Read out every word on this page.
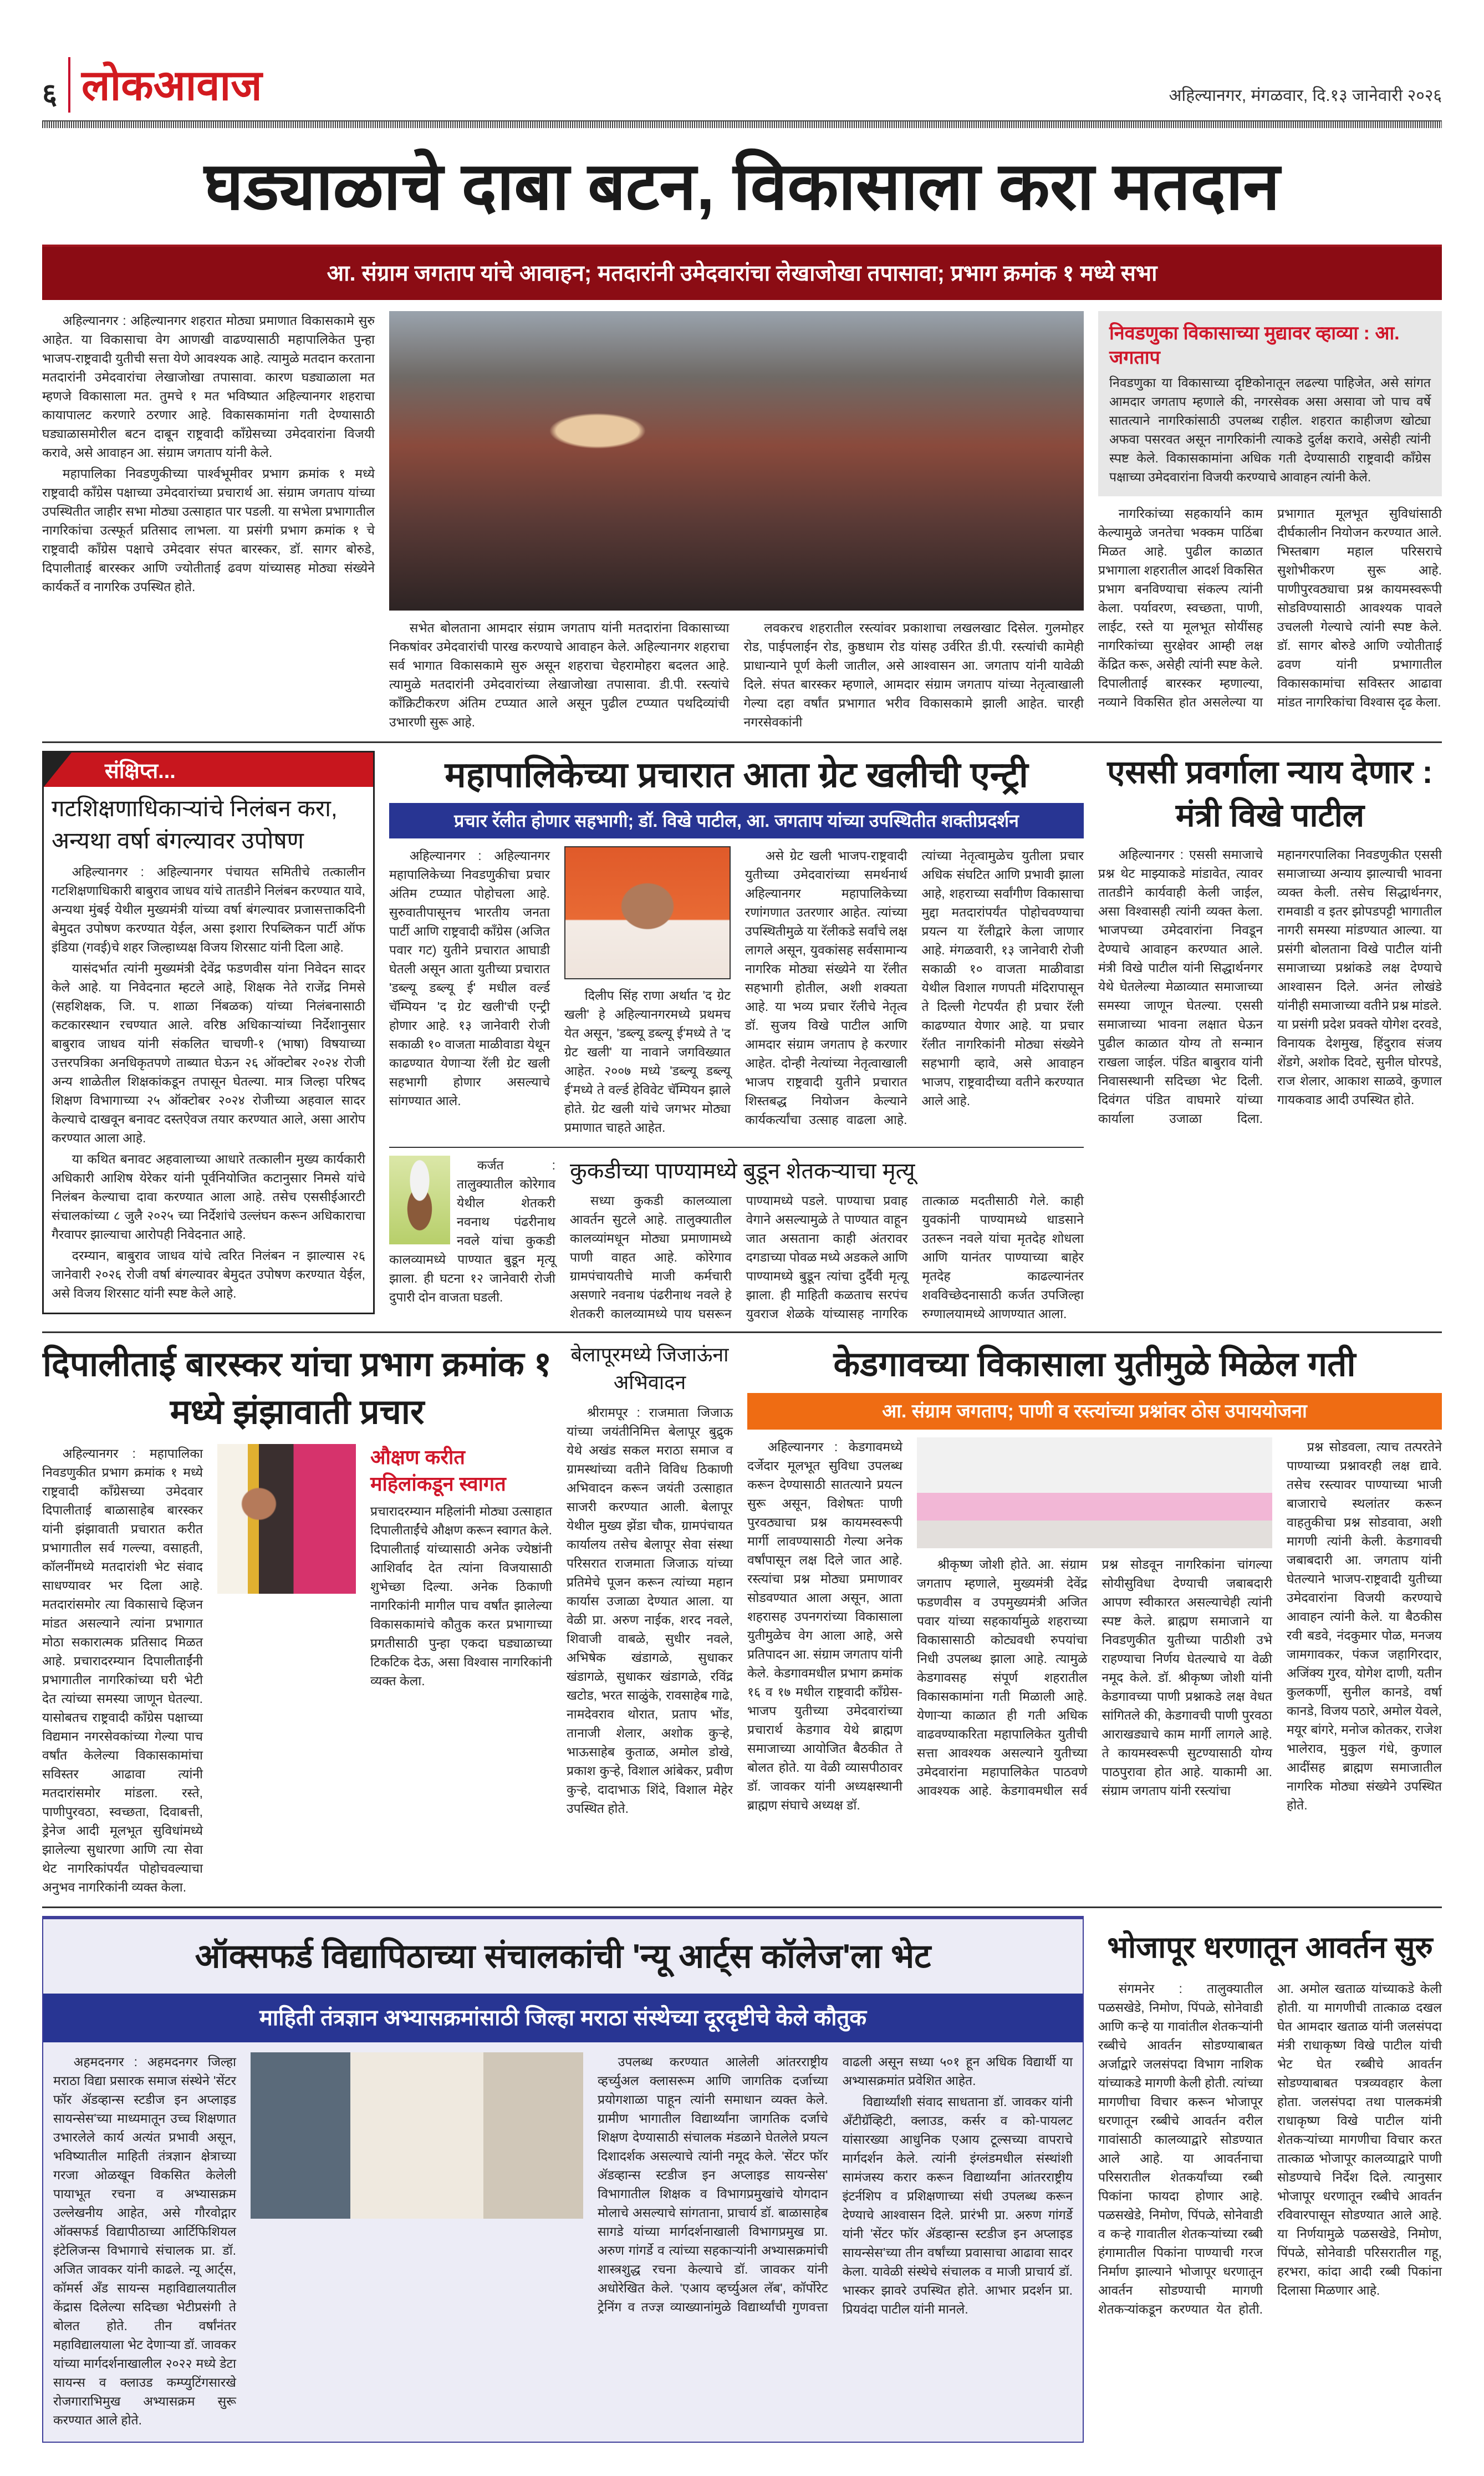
६ लोकआवाज	अहिल्यानगर, मंगळवार, दि.१३ जानेवारी २०२६
घड्याळाचे दाबा बटन, विकासाला करा मतदान
आ. संग्राम जगताप यांचे आवाहन; मतदारांनी उमेदवारांचा लेखाजोखा तपासावा; प्रभाग क्रमांक १ मध्ये सभा

अहिल्यानगर : अहिल्यानगर शहरात मोठ्या प्रमाणात विकासकामे सुरु आहेत. या विकासाचा वेग आणखी वाढण्यासाठी महापालिकेत पुन्हा भाजप-राष्ट्रवादी युतीची सत्ता येणे आवश्यक आहे. त्यामुळे मतदान करताना मतदारांनी उमेदवारांचा लेखाजोखा तपासावा. कारण घड्याळाला मत म्हणजे विकासाला मत. तुमचे १ मत भविष्यात अहिल्यानगर शहराचा कायापालट करणारे ठरणार आहे. विकासकामांना गती देण्यासाठी घड्याळासमोरील बटन दाबून राष्ट्रवादी काँग्रेसच्या उमेदवारांना विजयी करावे, असे आवाहन आ. संग्राम जगताप यांनी केले.

महापालिका निवडणुकीच्या पार्श्वभूमीवर प्रभाग क्रमांक १ मध्ये राष्ट्रवादी काँग्रेस पक्षाच्या उमेदवारांच्या प्रचारार्थ आ. संग्राम जगताप यांच्या उपस्थितीत जाहीर सभा मोठ्या उत्साहात पार पडली. या सभेला प्रभागातील नागरिकांचा उत्स्फूर्त प्रतिसाद लाभला. या प्रसंगी प्रभाग क्रमांक १ चे राष्ट्रवादी काँग्रेस पक्षाचे उमेदवार संपत बारस्कर, डॉ. सागर बोरुडे, दिपालीताई बारस्कर आणि ज्योतीताई ढवण यांच्यासह मोठ्या संख्येने कार्यकर्ते व नागरिक उपस्थित होते.

सभेत बोलताना आमदार संग्राम जगताप यांनी मतदारांना विकासाच्या निकषांवर उमेदवारांची पारख करण्याचे आवाहन केले. अहिल्यानगर शहराचा सर्व भागात विकासकामे सुरु असून शहराचा चेहरामोहरा बदलत आहे. त्यामुळे मतदारांनी उमेदवारांच्या लेखाजोखा तपासावा. डी.पी. रस्त्यांचे काँक्रिटीकरण अंतिम टप्प्यात आले असून पुढील टप्प्यात पथदिव्यांची उभारणी सुरू आहे.

लवकरच शहरातील रस्त्यांवर प्रकाशाचा लखलखाट दिसेल. गुलमोहर रोड, पाईपलाईन रोड, कुष्ठधाम रोड यांसह उर्वरित डी.पी. रस्त्यांची कामेही प्राधान्याने पूर्ण केली जातील, असे आश्वासन आ. जगताप यांनी यावेळी दिले. संपत बारस्कर म्हणाले, आमदार संग्राम जगताप यांच्या नेतृत्वाखाली गेल्या दहा वर्षांत प्रभागात भरीव विकासकामे झाली आहेत. चारही नगरसेवकांनी

निवडणुका विकासाच्या मुद्यावर व्हाव्या : आ. जगताप

निवडणुका या विकासाच्या दृष्टिकोनातून लढल्या पाहिजेत, असे सांगत आमदार जगताप म्हणाले की, नगरसेवक असा असावा जो पाच वर्षे सातत्याने नागरिकांसाठी उपलब्ध राहील. शहरात काहीजण खोट्या अफवा पसरवत असून नागरिकांनी त्याकडे दुर्लक्ष करावे, असेही त्यांनी स्पष्ट केले. विकासकामांना अधिक गती देण्यासाठी राष्ट्रवादी काँग्रेस पक्षाच्या उमेदवारांना विजयी करण्याचे आवाहन त्यांनी केले.

नागरिकांच्या सहकार्याने काम केल्यामुळे जनतेचा भक्कम पाठिंबा मिळत आहे. पुढील काळात प्रभागाला शहरातील आदर्श विकसित प्रभाग बनविण्याचा संकल्प त्यांनी केला. पर्यावरण, स्वच्छता, पाणी, लाईट, रस्ते या मूलभूत सोयींसह नागरिकांच्या सुरक्षेवर आम्ही लक्ष केंद्रित करू, असेही त्यांनी स्पष्ट केले. दिपालीताई बारस्कर म्हणाल्या, नव्याने विकसित होत असलेल्या या प्रभागात मूलभूत सुविधांसाठी दीर्घकालीन नियोजन करण्यात आले. भिस्तबाग महाल परिसराचे सुशोभीकरण सुरू आहे. पाणीपुरवठ्याचा प्रश्न कायमस्वरूपी सोडविण्यासाठी आवश्यक पावले उचलली गेल्याचे त्यांनी स्पष्ट केले. डॉ. सागर बोरुडे आणि ज्योतीताई ढवण यांनी प्रभागातील विकासकामांचा सविस्तर आढावा मांडत नागरिकांचा विश्वास दृढ केला.

संक्षिप्त...
गटशिक्षणाधिकाऱ्यांचे निलंबन करा, अन्यथा वर्षा बंगल्यावर उपोषण

अहिल्यानगर : अहिल्यानगर पंचायत समितीचे तत्कालीन गटशिक्षणाधिकारी बाबुराव जाधव यांचे तातडीने निलंबन करण्यात यावे, अन्यथा मुंबई येथील मुख्यमंत्री यांच्या वर्षा बंगल्यावर प्रजासत्ताकदिनी बेमुदत उपोषण करण्यात येईल, असा इशारा रिपब्लिकन पार्टी ऑफ इंडिया (गवई)चे शहर जिल्हाध्यक्ष विजय शिरसाट यांनी दिला आहे.

यासंदर्भात त्यांनी मुख्यमंत्री देवेंद्र फडणवीस यांना निवेदन सादर केले आहे. या निवेदनात म्हटले आहे, शिक्षक नेते राजेंद्र निमसे (सहशिक्षक, जि. प. शाळा निंबळक) यांच्या निलंबनासाठी कटकारस्थान रचण्यात आले. वरिष्ठ अधिकाऱ्यांच्या निर्देशानुसार बाबुराव जाधव यांनी संकलित चाचणी-१ (भाषा) विषयाच्या उत्तरपत्रिका अनधिकृतपणे ताब्यात घेऊन २६ ऑक्टोबर २०२४ रोजी अन्य शाळेतील शिक्षकांकडून तपासून घेतल्या. मात्र जिल्हा परिषद शिक्षण विभागाच्या २५ ऑक्टोबर २०२४ रोजीच्या अहवाल सादर केल्याचे दाखवून बनावट दस्तऐवज तयार करण्यात आले, असा आरोप करण्यात आला आहे.

या कथित बनावट अहवालाच्या आधारे तत्कालीन मुख्य कार्यकारी अधिकारी आशिष येरेकर यांनी पूर्वनियोजित कटानुसार निमसे यांचे निलंबन केल्याचा दावा करण्यात आला आहे. तसेच एससीईआरटी संचालकांच्या ८ जुलै २०२५ च्या निर्देशांचे उल्लंघन करून अधिकाराचा गैरवापर झाल्याचा आरोपही निवेदनात आहे.

दरम्यान, बाबुराव जाधव यांचे त्वरित निलंबन न झाल्यास २६ जानेवारी २०२६ रोजी वर्षा बंगल्यावर बेमुदत उपोषण करण्यात येईल, असे विजय शिरसाट यांनी स्पष्ट केले आहे.

महापालिकेच्या प्रचारात आता ग्रेट खलीची एन्ट्री
प्रचार रॅलीत होणार सहभागी; डॉ. विखे पाटील, आ. जगताप यांच्या उपस्थितीत शक्तीप्रदर्शन

अहिल्यानगर : अहिल्यानगर महापालिकेच्या निवडणुकीचा प्रचार अंतिम टप्प्यात पोहोचला आहे. सुरुवातीपासूनच भारतीय जनता पार्टी आणि राष्ट्रवादी काँग्रेस (अजित पवार गट) युतीने प्रचारात आघाडी घेतली असून आता युतीच्या प्रचारात 'डब्ल्यू डब्ल्यू ई' मधील वर्ल्ड चॅम्पियन 'द ग्रेट खली'ची एन्ट्री होणार आहे. १३ जानेवारी रोजी सकाळी १० वाजता माळीवाडा येथून काढण्यात येणाऱ्या रॅली ग्रेट खली सहभागी होणार असल्याचे सांगण्यात आले.

दिलीप सिंह राणा अर्थात 'द ग्रेट खली' हे अहिल्यानगरमध्ये प्रथमच येत असून, 'डब्ल्यू डब्ल्यू ई'मध्ये ते 'द ग्रेट खली' या नावाने जगविख्यात आहेत. २००७ मध्ये 'डब्ल्यू डब्ल्यू ई'मध्ये ते वर्ल्ड हेविवेट चॅम्पियन झाले होते. ग्रेट खली यांचे जगभर मोठ्या प्रमाणात चाहते आहेत.

असे ग्रेट खली भाजप-राष्ट्रवादी युतीच्या उमेदवारांच्या समर्थनार्थ अहिल्यानगर महापालिकेच्या रणांगणात उतरणार आहेत. त्यांच्या उपस्थितीमुळे या रॅलीकडे सर्वांचे लक्ष लागले असून, युवकांसह सर्वसामान्य नागरिक मोठ्या संख्येने या रॅलीत सहभागी होतील, अशी शक्यता आहे. या भव्य प्रचार रॅलीचे नेतृत्व डॉ. सुजय विखे पाटील आणि आमदार संग्राम जगताप हे करणार आहेत. दोन्ही नेत्यांच्या नेतृत्वाखाली भाजप राष्ट्रवादी युतीने प्रचारात शिस्तबद्ध नियोजन केल्याने कार्यकर्त्यांचा उत्साह वाढला आहे. त्यांच्या नेतृत्वामुळेच युतीला प्रचार अधिक संघटित आणि प्रभावी झाला आहे, शहराच्या सर्वांगीण विकासाचा मुद्दा मतदारांपर्यंत पोहोचवण्याचा प्रयत्न या रॅलीद्वारे केला जाणार आहे. मंगळवारी, १३ जानेवारी रोजी सकाळी १० वाजता माळीवाडा येथील विशाल गणपती मंदिरापासून ते दिल्ली गेटपर्यंत ही प्रचार रॅली काढण्यात येणार आहे. या प्रचार रॅलीत नागरिकांनी मोठ्या संख्येने सहभागी व्हावे, असे आवाहन भाजप, राष्ट्रवादीच्या वतीने करण्यात आले आहे.

कर्जत : तालुक्यातील कोरेगाव येथील शेतकरी नवनाथ पंढरीनाथ नवले यांचा कुकडी कालव्यामध्ये पाण्यात बुडून मृत्यू झाला. ही घटना १२ जानेवारी रोजी दुपारी दोन वाजता घडली.

कुकडीच्या पाण्यामध्ये बुडून शेतकऱ्याचा मृत्यू

सध्या कुकडी कालव्याला आवर्तन सुटले आहे. तालुक्यातील कालव्यांमधून मोठ्या प्रमाणामध्ये पाणी वाहत आहे. कोरेगाव ग्रामपंचायतीचे माजी कर्मचारी असणारे नवनाथ पंढरीनाथ नवले हे शेतकरी कालव्यामध्ये पाय घसरून पाण्यामध्ये पडले. पाण्याचा प्रवाह वेगाने असल्यामुळे ते पाण्यात वाहून जात असताना काही अंतरावर दगडाच्या पोवळ मध्ये अडकले आणि पाण्यामध्ये बुडून त्यांचा दुर्दैवी मृत्यू झाला. ही माहिती कळताच सरपंच युवराज शेळके यांच्यासह नागरिक तात्काळ मदतीसाठी गेले. काही युवकांनी पाण्यामध्ये धाडसाने उतरून नवले यांचा मृतदेह शोधला आणि यानंतर पाण्याच्या बाहेर मृतदेह काढल्यानंतर शवविच्छेदनासाठी कर्जत उपजिल्हा रुग्णालयामध्ये आणण्यात आला.

एससी प्रवर्गाला न्याय देणार : मंत्री विखे पाटील

अहिल्यानगर : एससी समाजाचे प्रश्न थेट माझ्याकडे मांडावेत, त्यावर तातडीने कार्यवाही केली जाईल, असा विश्वासही त्यांनी व्यक्त केला. भाजपच्या उमेदवारांना निवडून देण्याचे आवाहन करण्यात आले. मंत्री विखे पाटील यांनी सिद्धार्थनगर येथे घेतलेल्या मेळाव्यात समाजाच्या समस्या जाणून घेतल्या. एससी समाजाच्या भावना लक्षात घेऊन पुढील काळात योग्य तो सन्मान राखला जाईल. पंडित बाबुराव यांनी निवासस्थानी सदिच्छा भेट दिली. दिवंगत पंडित वाघमारे यांच्या कार्याला उजाळा दिला. महानगरपालिका निवडणुकीत एससी समाजाच्या अन्याय झाल्याची भावना व्यक्त केली. तसेच सिद्धार्थनगर, रामवाडी व इतर झोपडपट्टी भागातील नागरी समस्या मांडण्यात आल्या. या प्रसंगी बोलताना विखे पाटील यांनी समाजाच्या प्रश्नांकडे लक्ष देण्याचे आश्वासन दिले. अनंत लोखंडे यांनीही समाजाच्या वतीने प्रश्न मांडले. या प्रसंगी प्रदेश प्रवक्ते योगेश दरवडे, विनायक देशमुख, हिंदुराव संजय शेंडगे, अशोक दिवटे, सुनील घोरपडे, राज शेलार, आकाश साळवे, कुणाल गायकवाड आदी उपस्थित होते.

दिपालीताई बारस्कर यांचा प्रभाग क्रमांक १ मध्ये झंझावाती प्रचार

अहिल्यानगर : महापालिका निवडणुकीत प्रभाग क्रमांक १ मध्ये राष्ट्रवादी काँग्रेसच्या उमेदवार दिपालीताई बाळासाहेब बारस्कर यांनी झंझावाती प्रचारात करीत प्रभागातील सर्व गल्ल्या, वसाहती, कॉलनींमध्ये मतदारांशी भेट संवाद साधण्यावर भर दिला आहे. मतदारांसमोर त्या विकासाचे व्हिजन मांडत असल्याने त्यांना प्रभागात मोठा सकारात्मक प्रतिसाद मिळत आहे. प्रचारादरम्यान दिपालीताईंनी प्रभागातील नागरिकांच्या घरी भेटी देत त्यांच्या समस्या जाणून घेतल्या. यासोबतच राष्ट्रवादी काँग्रेस पक्षाच्या विद्यमान नगरसेवकांच्या गेल्या पाच वर्षांत केलेल्या विकासकामांचा सविस्तर आढावा त्यांनी मतदारांसमोर मांडला. रस्ते, पाणीपुरवठा, स्वच्छता, दिवाबत्ती, ड्रेनेज आदी मूलभूत सुविधांमध्ये झालेल्या सुधारणा आणि त्या सेवा थेट नागरिकांपर्यंत पोहोचवल्याचा अनुभव नागरिकांनी व्यक्त केला.

औक्षण करीत महिलांकडून स्वागत

प्रचारादरम्यान महिलांनी मोठ्या उत्साहात दिपालीताईंचे औक्षण करून स्वागत केले. दिपालीताई यांच्यासाठी अनेक ज्येष्ठांनी आशिर्वाद देत त्यांना विजयासाठी शुभेच्छा दिल्या. अनेक ठिकाणी नागरिकांनी मागील पाच वर्षांत झालेल्या विकासकामांचे कौतुक करत प्रभागाच्या प्रगतीसाठी पुन्हा एकदा घड्याळाच्या टिकटिक देऊ, असा विश्वास नागरिकांनी व्यक्त केला.

बेलापूरमध्ये जिजाऊंना अभिवादन

श्रीरामपूर : राजमाता जिजाऊ यांच्या जयंतीनिमित्त बेलापूर बुद्रुक येथे अखंड सकल मराठा समाज व ग्रामस्थांच्या वतीने विविध ठिकाणी अभिवादन करून जयंती उत्साहात साजरी करण्यात आली. बेलापूर येथील मुख्य झेंडा चौक, ग्रामपंचायत कार्यालय तसेच बेलापूर सेवा संस्था परिसरात राजमाता जिजाऊ यांच्या प्रतिमेचे पूजन करून त्यांच्या महान कार्यास उजाळा देण्यात आला. या वेळी प्रा. अरुण नाईक, शरद नवले, शिवाजी वाबळे, सुधीर नवले, अभिषेक खंडागळे, सुधाकर खंडागळे, सुधाकर खंडागळे, रविंद्र खटोड, भरत साळुंके, रावसाहेब गाढे, नामदेवराव थोरात, प्रताप भोंड, तानाजी शेलार, अशोक कुऱ्हे, भाऊसाहेब कुताळ, अमोल डोखे, प्रकाश कुऱ्हे, विशाल आंबेकर, प्रवीण कुऱ्हे, दादाभाऊ शिंदे, विशाल मेहेर उपस्थित होते.

केडगावच्या विकासाला युतीमुळे मिळेल गती
आ. संग्राम जगताप; पाणी व रस्त्यांच्या प्रश्नांवर ठोस उपाययोजना

अहिल्यानगर : केडगावमध्ये दर्जेदार मूलभूत सुविधा उपलब्ध करून देण्यासाठी सातत्याने प्रयत्न सुरू असून, विशेषतः पाणी पुरवठ्याचा प्रश्न कायमस्वरूपी मार्गी लावण्यासाठी गेल्या अनेक वर्षांपासून लक्ष दिले जात आहे. रस्त्यांचा प्रश्न मोठ्या प्रमाणावर सोडवण्यात आला असून, आता शहरासह उपनगरांच्या विकासाला युतीमुळेच वेग आला आहे, असे प्रतिपादन आ. संग्राम जगताप यांनी केले. केडगावमधील प्रभाग क्रमांक १६ व १७ मधील राष्ट्रवादी काँग्रेस-भाजप युतीच्या उमेदवारांच्या प्रचारार्थ केडगाव येथे ब्राह्मण समाजाच्या आयोजित बैठकीत ते बोलत होते. या वेळी व्यासपीठावर डॉ. जावकर यांनी अध्यक्षस्थानी ब्राह्मण संघाचे अध्यक्ष डॉ.

श्रीकृष्ण जोशी होते. आ. संग्राम जगताप म्हणाले, मुख्यमंत्री देवेंद्र फडणवीस व उपमुख्यमंत्री अजित पवार यांच्या सहकार्यामुळे शहराच्या विकासासाठी कोट्यवधी रुपयांचा निधी उपलब्ध झाला आहे. त्यामुळे केडगावसह संपूर्ण शहरातील विकासकामांना गती मिळाली आहे. येणाऱ्या काळात ही गती अधिक वाढवण्याकरिता महापालिकेत युतीची सत्ता आवश्यक असल्याने युतीच्या उमेदवारांना महापालिकेत पाठवणे आवश्यक आहे. केडगावमधील सर्व प्रश्न सोडवून नागरिकांना चांगल्या सोयीसुविधा देण्याची जबाबदारी आपण स्वीकारत असल्याचेही त्यांनी स्पष्ट केले. ब्राह्मण समाजाने या निवडणुकीत युतीच्या पाठीशी उभे राहण्याचा निर्णय घेतल्याचे या वेळी नमूद केले. डॉ. श्रीकृष्ण जोशी यांनी केडगावच्या पाणी प्रश्नाकडे लक्ष वेधत सांगितले की, केडगावची पाणी पुरवठा आराखड्याचे काम मार्गी लागले आहे. ते कायमस्वरूपी सुटण्यासाठी योग्य पाठपुरावा होत आहे. याकामी आ. संग्राम जगताप यांनी रस्त्यांचा

प्रश्न सोडवला, त्याच तत्परतेने पाण्याच्या प्रश्नावरही लक्ष द्यावे. तसेच रस्त्यावर पाण्याच्या भाजी बाजाराचे स्थलांतर करून वाहतुकीचा प्रश्न सोडवावा, अशी मागणी त्यांनी केली. केडगावची जबाबदारी आ. जगताप यांनी घेतल्याने भाजप-राष्ट्रवादी युतीच्या उमेदवारांना विजयी करण्याचे आवाहन त्यांनी केले. या बैठकीस रवी बडवे, नंदकुमार पोळ, मनजय जामगावकर, पंकज जहागिरदार, अजिंक्य गुरव, योगेश दाणी, यतीन कुलकर्णी, सुनील कानडे, वर्षा कानडे, विजय पठारे, अमोल येवले, मयूर बांगरे, मनोज कोतकर, राजेश भालेराव, मुकुल गंधे, कुणाल आदींसह ब्राह्मण समाजातील नागरिक मोठ्या संख्येने उपस्थित होते.

ऑक्सफर्ड विद्यापिठाच्या संचालकांची 'न्यू आर्ट्स कॉलेज'ला भेट
माहिती तंत्रज्ञान अभ्यासक्रमांसाठी जिल्हा मराठा संस्थेच्या दूरदृष्टीचे केले कौतुक

अहमदनगर : अहमदनगर जिल्हा मराठा विद्या प्रसारक समाज संस्थेने 'सेंटर फॉर ॲडव्हान्स स्टडीज इन अप्लाइड सायन्सेस'च्या माध्यमातून उच्च शिक्षणात उभारलेले कार्य अत्यंत प्रभावी असून, भविष्यातील माहिती तंत्रज्ञान क्षेत्राच्या गरजा ओळखून विकसित केलेली पायाभूत रचना व अभ्यासक्रम उल्लेखनीय आहेत, असे गौरवोद्गार ऑक्सफर्ड विद्यापीठाच्या आर्टिफिशियल इंटेलिजन्स विभागाचे संचालक प्रा. डॉ. अजित जावकर यांनी काढले. न्यू आर्ट्स, कॉमर्स अँड सायन्स महाविद्यालयातील केंद्रास दिलेल्या सदिच्छा भेटीप्रसंगी ते बोलत होते. तीन वर्षांनंतर महाविद्यालयाला भेट देणाऱ्या डॉ. जावकर यांच्या मार्गदर्शनाखालील २०२२ मध्ये डेटा सायन्स व क्लाउड कम्प्युटिंगसारखे रोजगाराभिमुख अभ्यासक्रम सुरू करण्यात आले होते.

उपलब्ध करण्यात आलेली आंतरराष्ट्रीय व्हर्च्युअल क्लासरूम आणि जागतिक दर्जाच्या प्रयोगशाळा पाहून त्यांनी समाधान व्यक्त केले. ग्रामीण भागातील विद्यार्थ्यांना जागतिक दर्जाचे शिक्षण देण्यासाठी संचालक मंडळाने घेतलेले प्रयत्न दिशादर्शक असल्याचे त्यांनी नमूद केले. 'सेंटर फॉर ॲडव्हान्स स्टडीज इन अप्लाइड सायन्सेस' विभागातील शिक्षक व विभागप्रमुखांचे योगदान मोलाचे असल्याचे सांगताना, प्राचार्य डॉ. बाळासाहेब सागडे यांच्या मार्गदर्शनाखाली विभागप्रमुख प्रा. अरुण गांगर्डे व त्यांच्या सहकाऱ्यांनी अभ्यासक्रमांची शास्त्रशुद्ध रचना केल्याचे डॉ. जावकर यांनी अधोरेखित केले. 'एआय व्हर्च्युअल लॅब', कॉर्पोरेट ट्रेनिंग व तज्ज्ञ व्याख्यानांमुळे विद्यार्थ्यांची गुणवत्ता वाढली असून सध्या ५०१ हून अधिक विद्यार्थी या अभ्यासक्रमांत प्रवेशित आहेत.

विद्यार्थ्यांशी संवाद साधताना डॉ. जावकर यांनी अँटीग्रॅव्हिटी, क्लाउड, कर्सर व को-पायलट यांसारख्या आधुनिक एआय टूल्सच्या वापराचे मार्गदर्शन केले. त्यांनी इंग्लंडमधील संस्थांशी सामंजस्य करार करून विद्यार्थ्यांना आंतरराष्ट्रीय इंटर्नशिप व प्रशिक्षणाच्या संधी उपलब्ध करून देण्याचे आश्वासन दिले. प्रारंभी प्रा. अरुण गांगर्डे यांनी 'सेंटर फॉर ॲडव्हान्स स्टडीज इन अप्लाइड सायन्सेस'च्या तीन वर्षांच्या प्रवासाचा आढावा सादर केला. यावेळी संस्थेचे संचालक व माजी प्राचार्य डॉ. भास्कर झावरे उपस्थित होते. आभार प्रदर्शन प्रा. प्रियवंदा पाटील यांनी मानले.

भोजापूर धरणातून आवर्तन सुरु

संगमनेर : तालुक्यातील पळसखेडे, निमोण, पिंपळे, सोनेवाडी आणि कऱ्हे या गावांतील शेतकऱ्यांनी रब्बीचे आवर्तन सोडण्याबाबत अर्जाद्वारे जलसंपदा विभाग नाशिक यांच्याकडे मागणी केली होती. त्यांच्या मागणीचा विचार करून भोजापूर धरणातून रब्बीचे आवर्तन वरील गावांसाठी कालव्याद्वारे सोडण्यात आले आहे. या आवर्तनाचा परिसरातील शेतकर्यांच्या रब्बी पिकांना फायदा होणार आहे. पळसखेडे, निमोण, पिंपळे, सोनेवाडी व कऱ्हे गावातील शेतकऱ्यांच्या रब्बी हंगामातील पिकांना पाण्याची गरज निर्माण झाल्याने भोजापूर धरणातून आवर्तन सोडण्याची मागणी शेतकऱ्यांकडून करण्यात येत होती. आ. अमोल खताळ यांच्याकडे केली होती. या मागणीची तात्काळ दखल घेत आमदार खताळ यांनी जलसंपदा मंत्री राधाकृष्ण विखे पाटील यांची भेट घेत रब्बीचे आवर्तन सोडण्याबाबत पत्रव्यवहार केला होता. जलसंपदा तथा पालकमंत्री राधाकृष्ण विखे पाटील यांनी शेतकऱ्यांच्या मागणीचा विचार करत तात्काळ भोजापूर कालव्याद्वारे पाणी सोडण्याचे निर्देश दिले. त्यानुसार भोजापूर धरणातून रब्बीचे आवर्तन रविवारपासून सोडण्यात आले आहे. या निर्णयामुळे पळसखेडे, निमोण, पिंपळे, सोनेवाडी परिसरातील गहू, हरभरा, कांदा आदी रब्बी पिकांना दिलासा मिळणार आहे.
